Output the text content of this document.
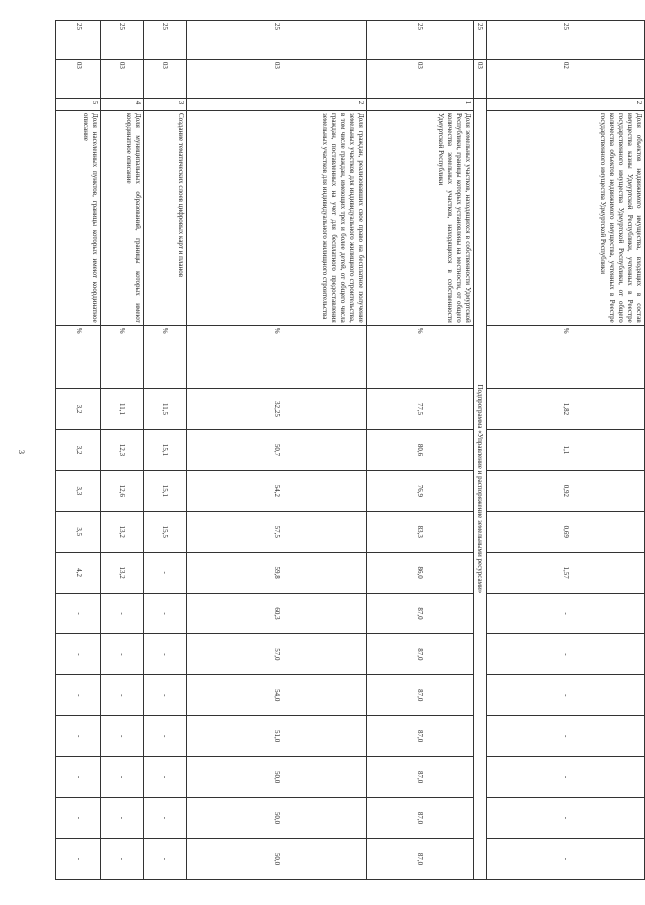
3
25	02	2	Доля объектов недвижимого имущества, входящих в состав имущества казны Удмуртской Республики, учтенных в Реестре государственного имущества Удмуртской Республики, от общего количества объектов недвижимого имущества, учтенных в Реестре государственного имущества Удмуртской Республики	%	1,82	1,1	0,92	0,69	1,57	-	-	-	-	-	-	-
25	03	Подпрограмма «Управление и распоряжение земельными ресурсами»														
25	03	1	Доля земельных участков, находящихся в собственности Удмуртской Республики, границы которых установлены на местности, от общего количества земельных участков, находящихся в собственности Удмуртской Республики	%	77,5	80,6	76,9	83,3	86,0	87,0	87,0	87,0	87,0	87,0	87,0	87,0
25	03	2	Доля граждан, реализовавших свое право на бесплатное получение земельных участков для индивидуального жилищного строительства, в том числе граждан, имеющих трех и более детей, от общего числа граждан, поставленных на учет для бесплатного предоставления земельных участков для индивидуального жилищного строительства	%	32,25	50,7	54,2	57,5	59,8	60,3	57,0	54,0	51,0	50,0	50,0	50,0
25	03	3	Создание тематических слоев цифровых карт и планов	%	11,5	15,1	15,1	15,5	-	-	-	-	-	-	-	-
25	03	4	Доля муниципальных образований, границы которых имеют координатное описание	%	11,1	12,3	12,6	13,2	13,2	-	-	-	-	-	-	-
25	03	5	Доля населенных пунктов, границы которых имеют координатное описание	%	3,2	3,2	3,3	3,5	4,2	-	-	-	-	-	-	-
